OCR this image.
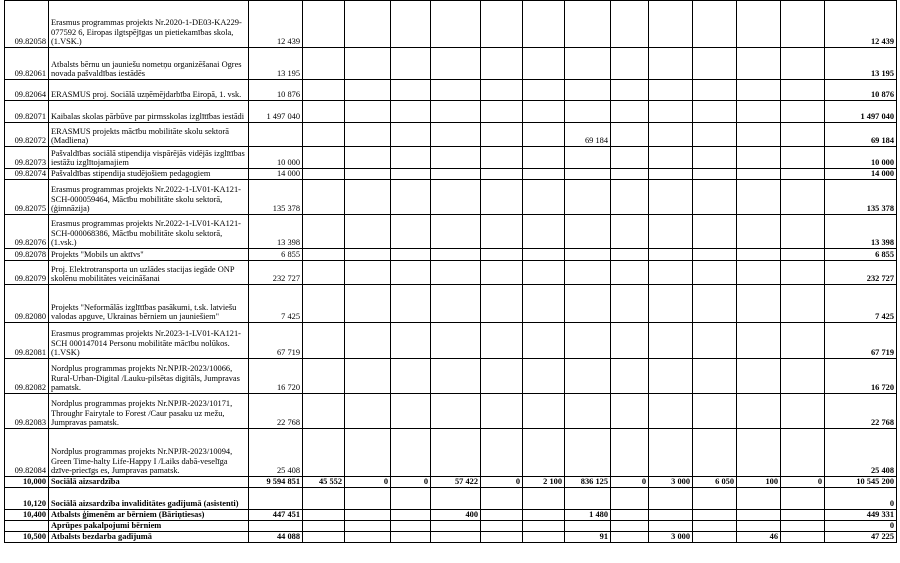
09.82058	Erasmus programmas projekts Nr.2020-1-DE03-KA229-077592 6, Eiropas ilgtspējīgas un pietiekamības skola, (1.VSK.)	12 439													12 439
09.82061	Atbalsts bērnu un jauniešu nometņu organizēšanai Ogres novada pašvaldības iestādēs	13 195													13 195
09.82064	ERASMUS proj. Sociālā uzņēmējdarbība Eiropā, 1. vsk.	10 876													10 876
09.82071	Kaibalas skolas pārbūve par pirmsskolas izglītības iestādi	1 497 040													1 497 040
09.82072	ERASMUS projekts mācību mobilitāte skolu sektorā (Madliena)								69 184						69 184
09.82073	Pašvaldības sociālā stipendija vispārējās vidējās izglītības iestāžu izglītojamajiem	10 000													10 000
09.82074	Pašvaldības stipendija studējošiem pedagogiem	14 000													14 000
09.82075	Erasmus programmas projekts Nr.2022-1-LV01-KA121-SCH-000059464, Mācību mobilitāte skolu sektorā, (ģimnāzija)	135 378													135 378
09.82076	Erasmus programmas projekts Nr.2022-1-LV01-KA121-SCH-000068386, Mācību mobilitāte skolu sektorā, (1.vsk.)	13 398													13 398
09.82078	Projekts "Mobils un aktīvs"	6 855													6 855
09.82079	Proj. Elektrotransporta un uzlādes stacijas iegāde ONP skolēnu mobilitātes veicināšanai	232 727													232 727
09.82080	Projekts "Neformālās izglītības pasākumi, t.sk. latviešu valodas apguve, Ukrainas bērniem un jauniešiem"	7 425													7 425
09.82081	Erasmus programmas projekts Nr.2023-1-LV01-KA121-SCH 000147014 Personu mobilitāte mācību nolūkos.(1.VSK)	67 719													67 719
09.82082	Nordplus programmas projekts Nr.NPJR-2023/10066, Rural-Urban-Digital /Lauku-pilsētas digitāls, Jumpravas pamatsk.	16 720													16 720
09.82083	Nordplus programmas projekts Nr.NPJR-2023/10171, Throughr Fairytale to Forest /Caur pasaku uz mežu, Jumpravas pamatsk.	22 768													22 768
09.82084	Nordplus programmas projekts Nr.NPJR-2023/10094, Green Time-halty Life-Happy I /Laiks dabā-veselīga dzīve-priecīgs es, Jumpravas pamatsk.	25 408													25 408
10,000	Sociālā aizsardzība	9 594 851	45 552	0	0	57 422	0	2 100	836 125	0	3 000	6 050	100	0	10 545 200
10,120	Sociālā aizsardzība invaliditātes gadījumā (asistenti)														0
10,400	Atbalsts ģimenēm ar bērniem (Bāriņtiesas)	447 451				400			1 480						449 331
	Aprūpes pakalpojumi bērniem														0
10,500	Atbalsts bezdarba gadījumā	44 088							91		3 000		46		47 225
